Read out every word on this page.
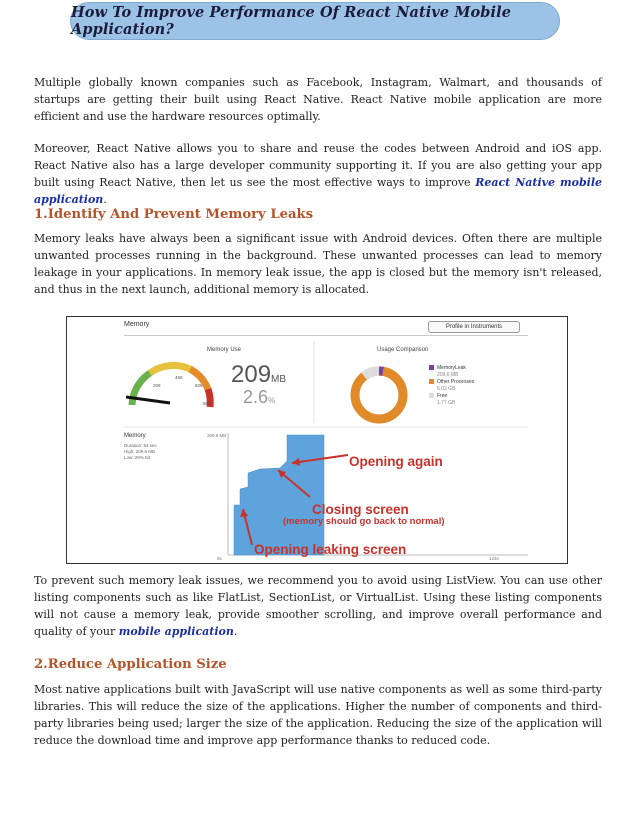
How To Improve Performance Of React Native Mobile Application?

Multiple globally known companies such as Facebook, Instagram, Walmart, and thousands of startups are getting their built using React Native. React Native mobile application are more efficient and use the hardware resources optimally.

Moreover, React Native allows you to share and reuse the codes between Android and iOS app. React Native also has a large developer community supporting it. If you are also getting your app built using React Native, then let us see the most effective ways to improve React Native mobile application.

1.Identify And Prevent Memory Leaks

Memory leaks have always been a significant issue with Android devices. Often there are multiple unwanted processes running in the background. These unwanted processes can lead to memory leakage in your applications. In memory leak issue, the app is closed but the memory isn't released, and thus in the next launch, additional memory is allocated.

Memory	Profile in Instruments
Memory Use	Usage Comparison
209MB
2.6%
208
458
608
808
MemoryLeak
209.6 MB
Other Processes
6.02 GB
Free
1.77 GB
Memory
Duration: 54 sec
High: 209.6 MB
Low: 28% Kit
209.6 MB
0s	123s
Opening again
Closing screen
(memory should go back to normal)
Opening leaking screen

To prevent such memory leak issues, we recommend you to avoid using ListView. You can use other listing components such as like FlatList, SectionList, or VirtualList. Using these listing components will not cause a memory leak, provide smoother scrolling, and improve overall performance and quality of your mobile application.

2.Reduce Application Size

Most native applications built with JavaScript will use native components as well as some third-party libraries. This will reduce the size of the applications. Higher the number of components and third-party libraries being used; larger the size of the application. Reducing the size of the application will reduce the download time and improve app performance thanks to reduced code.
